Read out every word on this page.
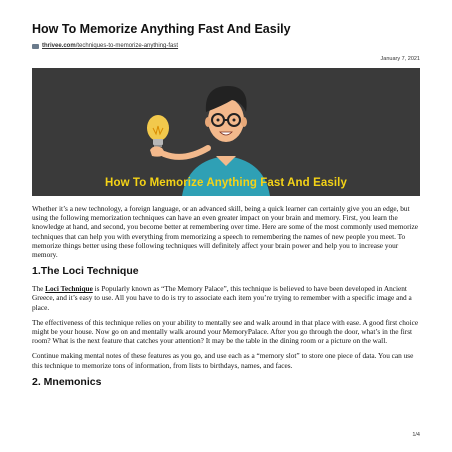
How To Memorize Anything Fast And Easily
thrivee.com/techniques-to-memorize-anything-fast
January 7, 2021
How To Memorize Anything Fast And Easily

Whether it’s a new technology, a foreign language, or an advanced skill, being a quick learner can certainly give you an edge, but using the following memorization techniques can have an even greater impact on your brain and memory. First, you learn the knowledge at hand, and second, you become better at remembering over time. Here are some of the most commonly used memorize techniques that can help you with everything from memorizing a speech to remembering the names of new people you meet. To memorize things better using these following techniques will definitely affect your brain power and help you to increase your memory.

1.The Loci Technique

The Loci Technique is Popularly known as “The Memory Palace”, this technique is believed to have been developed in Ancient Greece, and it’s easy to use. All you have to do is try to associate each item you’re trying to remember with a specific image and a place.

The effectiveness of this technique relies on your ability to mentally see and walk around in that place with ease. A good first choice might be your house. Now go on and mentally walk around your MemoryPalace. After you go through the door, what’s in the first room? What is the next feature that catches your attention? It may be the table in the dining room or a picture on the wall.

Continue making mental notes of these features as you go, and use each as a “memory slot” to store one piece of data. You can use this technique to memorize tons of information, from lists to birthdays, names, and faces.

2. Mnemonics
1/4
